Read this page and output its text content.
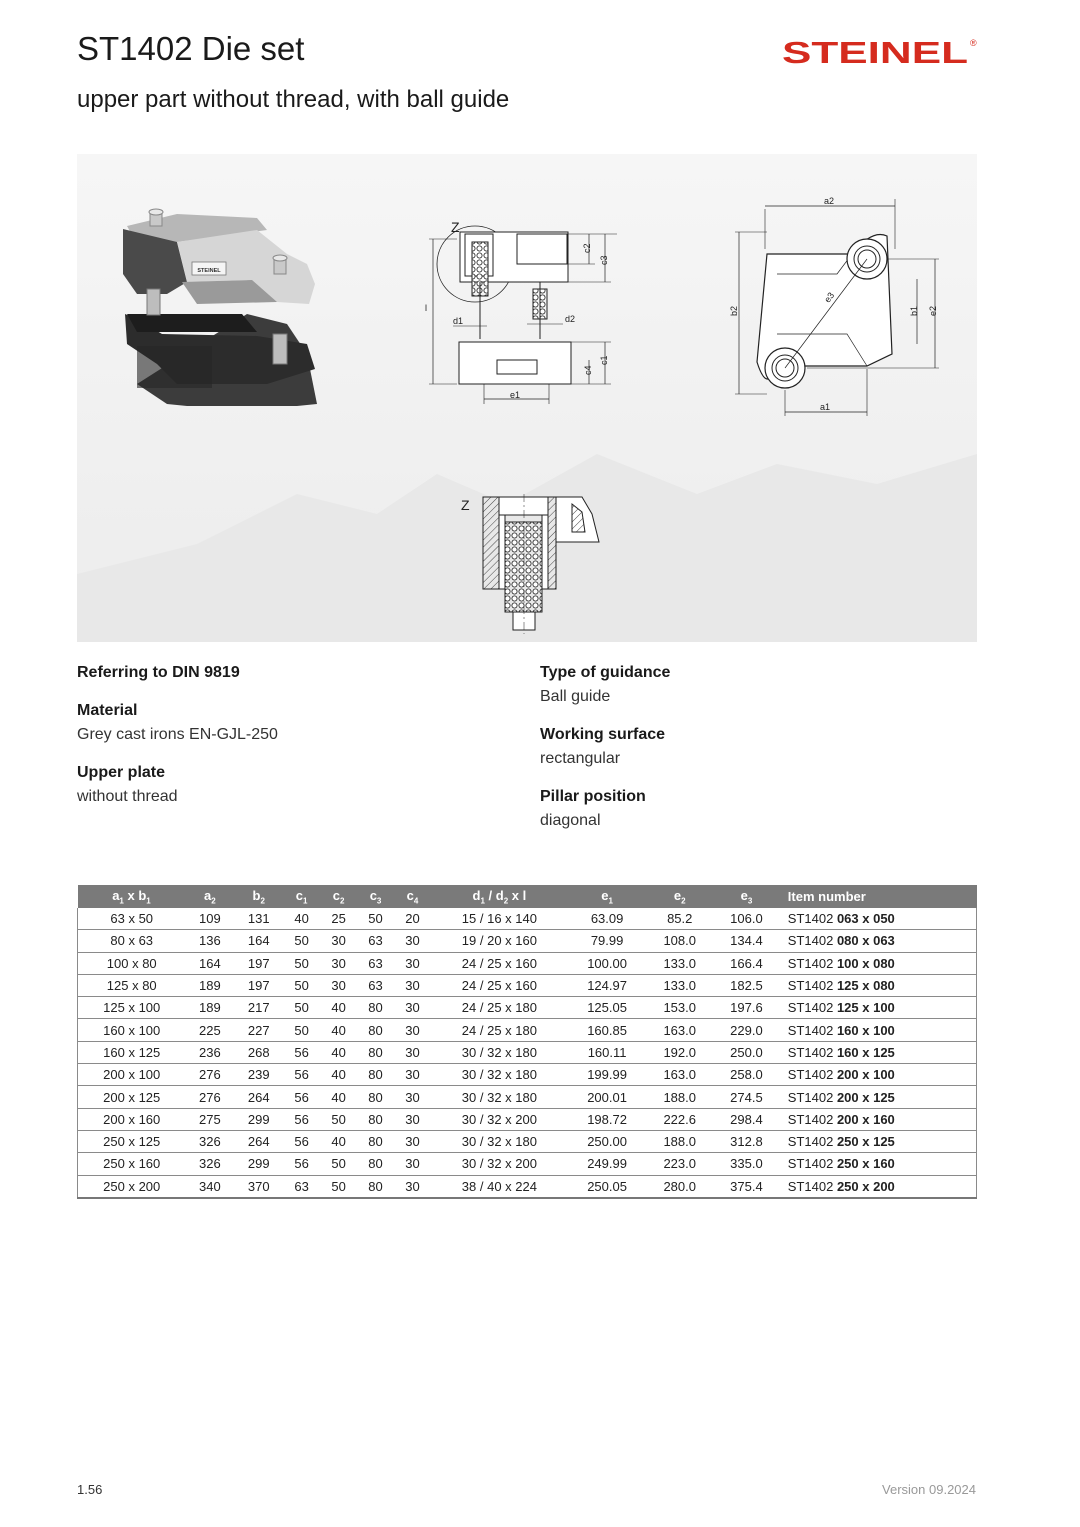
ST1402 Die set
upper part without thread, with ball guide
STEINEL ®
STEINEL
Z
l
c2
c3
c4
c1
e1
d1	d2
a2
b2	b1 e2
e3
a1
Z

Referring to DIN 9819

Material

Grey cast irons EN-GJL-250

Upper plate

without thread

Type of guidance

Ball guide

Working surface

rectangular

Pillar position

diagonal

$a_1$ x $b_1$	$a_2$	$b_2$	$c_1$	$c_2$	$c_3$	$c_4$	$d_1 / d_2$ x l	$e_1$	$e_2$	$e_3$	Item number
63 x 50	109	131	40	25	50	20	15 / 16 x 140	63.09	85.2	106.0	ST1402 063 x 050
80 x 63	136	164	50	30	63	30	19 / 20 x 160	79.99	108.0	134.4	ST1402 080 x 063
100 x 80	164	197	50	30	63	30	24 / 25 x 160	100.00	133.0	166.4	ST1402 100 x 080
125 x 80	189	197	50	30	63	30	24 / 25 x 160	124.97	133.0	182.5	ST1402 125 x 080
125 x 100	189	217	50	40	80	30	24 / 25 x 180	125.05	153.0	197.6	ST1402 125 x 100
160 x 100	225	227	50	40	80	30	24 / 25 x 180	160.85	163.0	229.0	ST1402 160 x 100
160 x 125	236	268	56	40	80	30	30 / 32 x 180	160.11	192.0	250.0	ST1402 160 x 125
200 x 100	276	239	56	40	80	30	30 / 32 x 180	199.99	163.0	258.0	ST1402 200 x 100
200 x 125	276	264	56	40	80	30	30 / 32 x 180	200.01	188.0	274.5	ST1402 200 x 125
200 x 160	275	299	56	50	80	30	30 / 32 x 200	198.72	222.6	298.4	ST1402 200 x 160
250 x 125	326	264	56	40	80	30	30 / 32 x 180	250.00	188.0	312.8	ST1402 250 x 125
250 x 160	326	299	56	50	80	30	30 / 32 x 200	249.99	223.0	335.0	ST1402 250 x 160
250 x 200	340	370	63	50	80	30	38 / 40 x 224	250.05	280.0	375.4	ST1402 250 x 200
1.56	Version 09.2024
